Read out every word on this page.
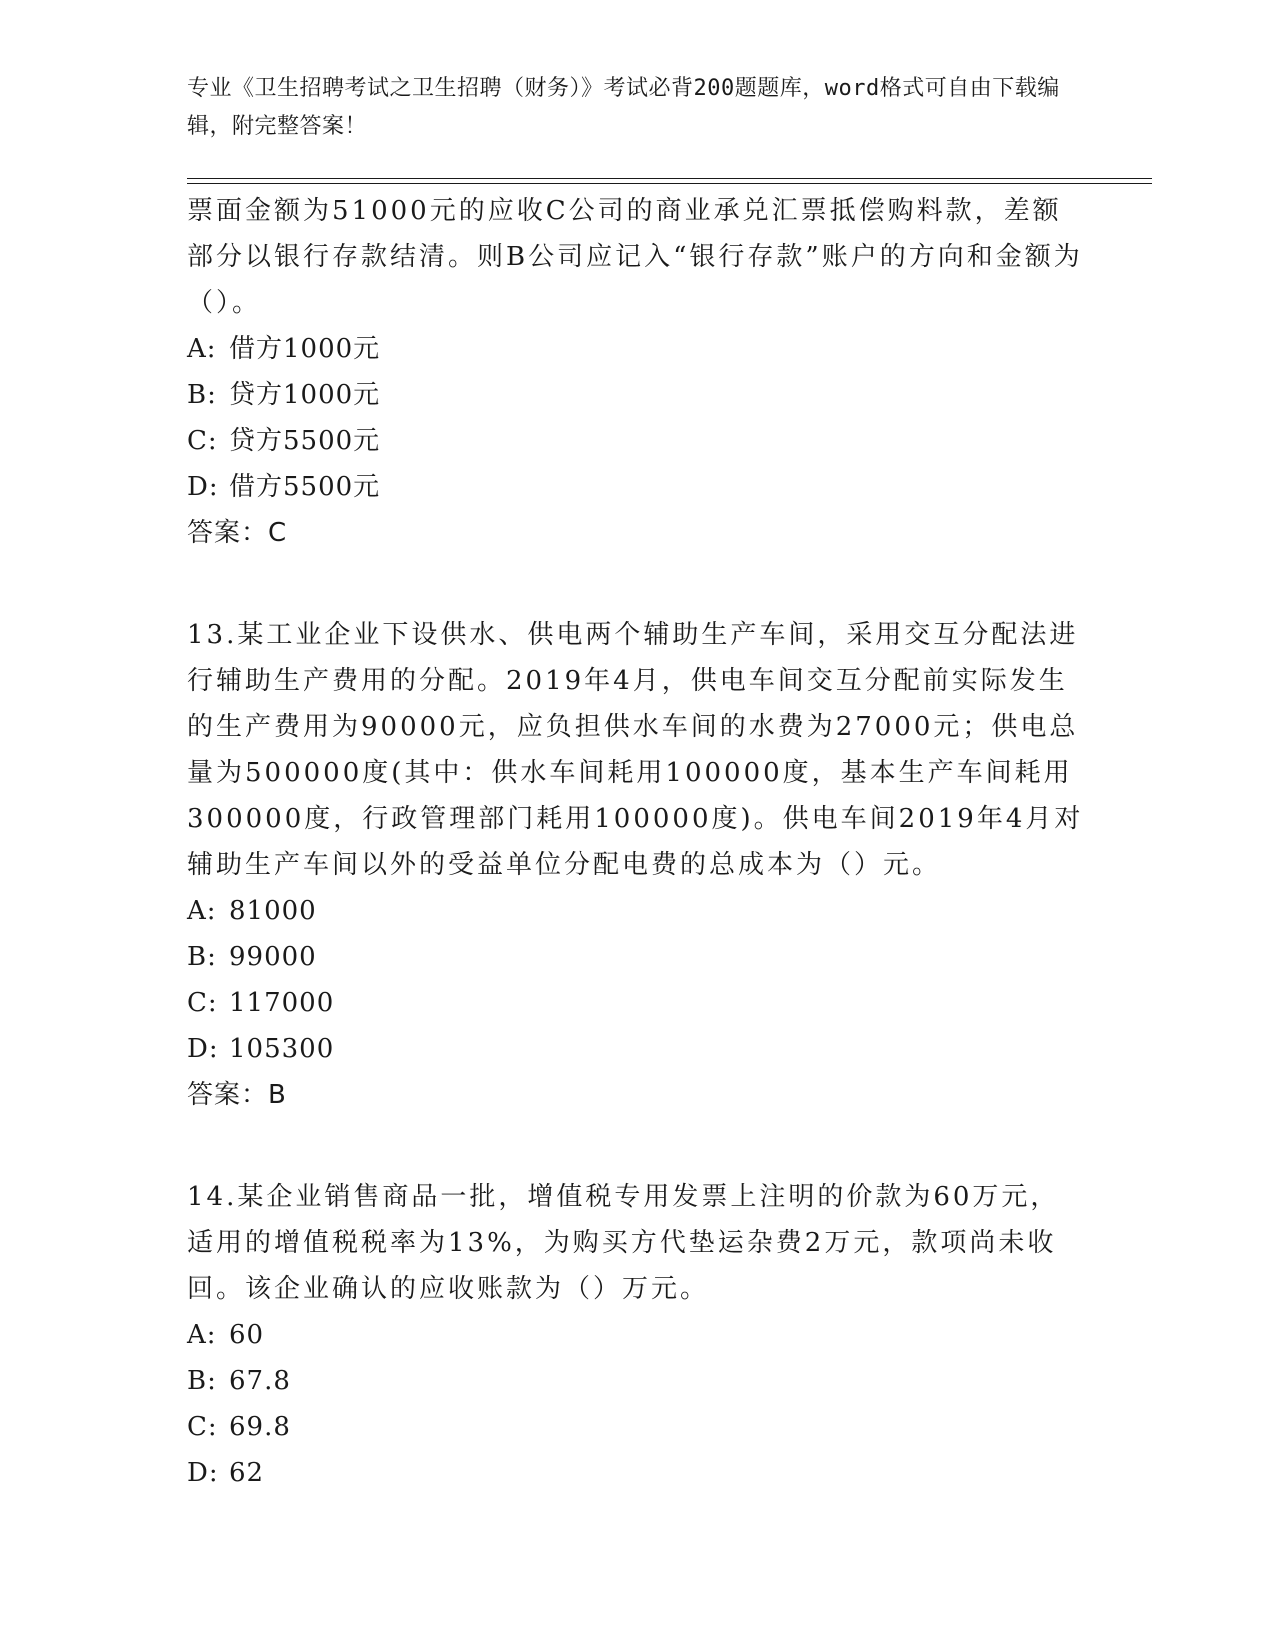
专业《卫生招聘考试之卫生招聘（财务）》考试必背200题题库，word格式可自由下载编辑，附完整答案！

票面金额为51000元的应收C公司的商业承兑汇票抵偿购料款，差额部分以银行存款结清。则B公司应记入“银行存款”账户的方向和金额为（）。

A: 借方1000元

B: 贷方1000元

C: 贷方5500元

D: 借方5500元

答案：C

13.某工业企业下设供水、供电两个辅助生产车间，采用交互分配法进行辅助生产费用的分配。2019年4月，供电车间交互分配前实际发生的生产费用为90000元，应负担供水车间的水费为27000元；供电总量为500000度(其中：供水车间耗用100000度，基本生产车间耗用300000度，行政管理部门耗用100000度)。供电车间2019年4月对辅助生产车间以外的受益单位分配电费的总成本为（）元。

A: 81000

B: 99000

C: 117000

D: 105300

答案：B

14.某企业销售商品一批，增值税专用发票上注明的价款为60万元，适用的增值税税率为13%，为购买方代垫运杂费2万元，款项尚未收回。该企业确认的应收账款为（）万元。

A: 60

B: 67.8

C: 69.8

D: 62
